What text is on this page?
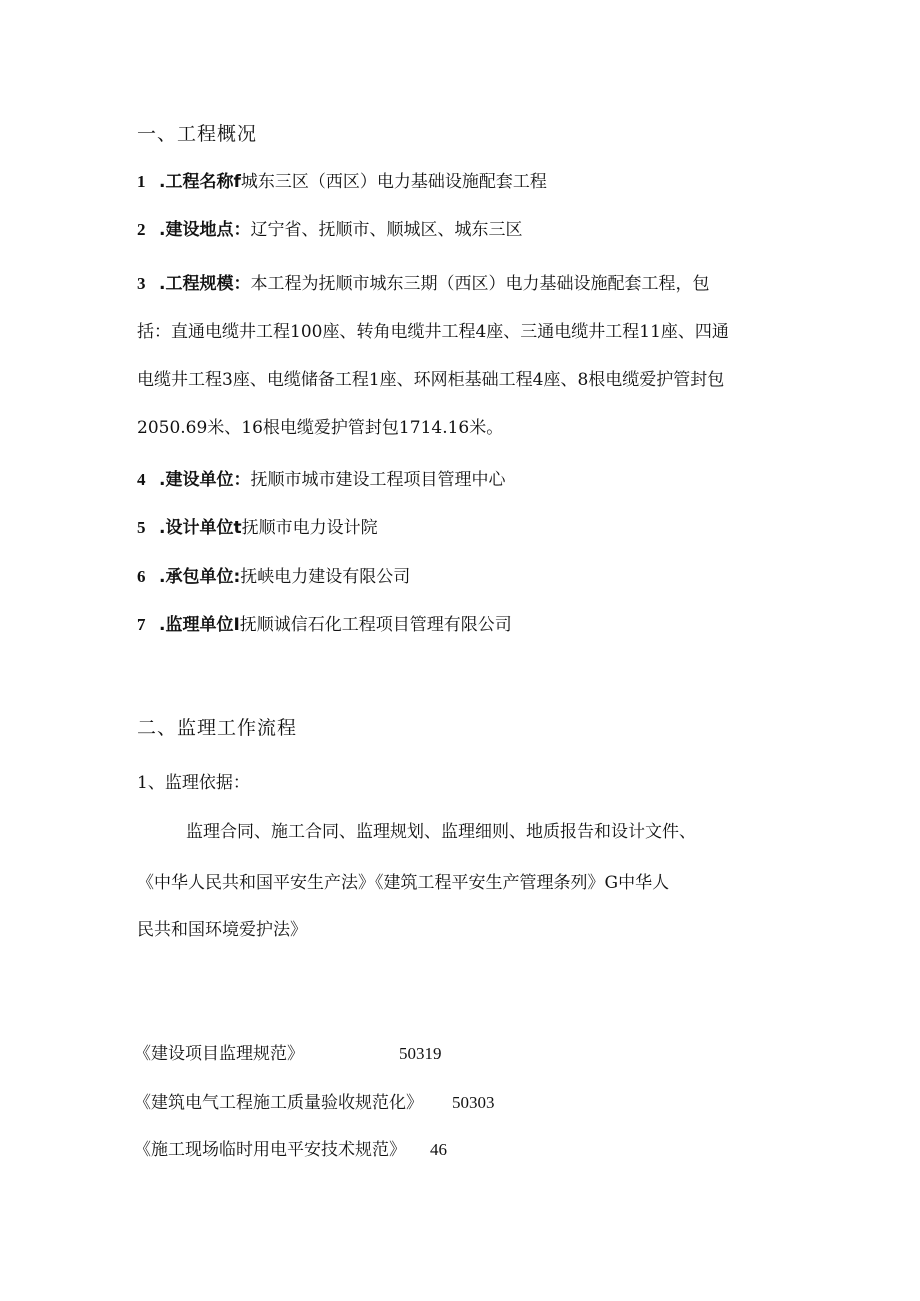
一、工程概况
1 .工程名称f城东三区（西区）电力基础设施配套工程
2 .建设地点：辽宁省、抚顺市、顺城区、城东三区
3 .工程规模：本工程为抚顺市城东三期（西区）电力基础设施配套工程，包
括：直通电缆井工程100座、转角电缆井工程4座、三通电缆井工程11座、四通
电缆井工程3座、电缆储备工程1座、环网柜基础工程4座、8根电缆爱护管封包
2050.69米、16根电缆爱护管封包1714.16米。
4 .建设单位：抚顺市城市建设工程项目管理中心
5 .设计单位t抚顺市电力设计院
6 .承包单位:抚峡电力建设有限公司
7 .监理单位I抚顺诚信石化工程项目管理有限公司
二、监理工作流程
1、监理依据：
监理合同、施工合同、监理规划、监理细则、地质报告和设计文件、
《中华人民共和国平安生产法》《建筑工程平安生产管理条列》G中华人
民共和国环境爱护法》
《建设项目监理规范》	50319
《建筑电气工程施工质量验收规范化》 50303
《施工现场临时用电平安技术规范》 46
